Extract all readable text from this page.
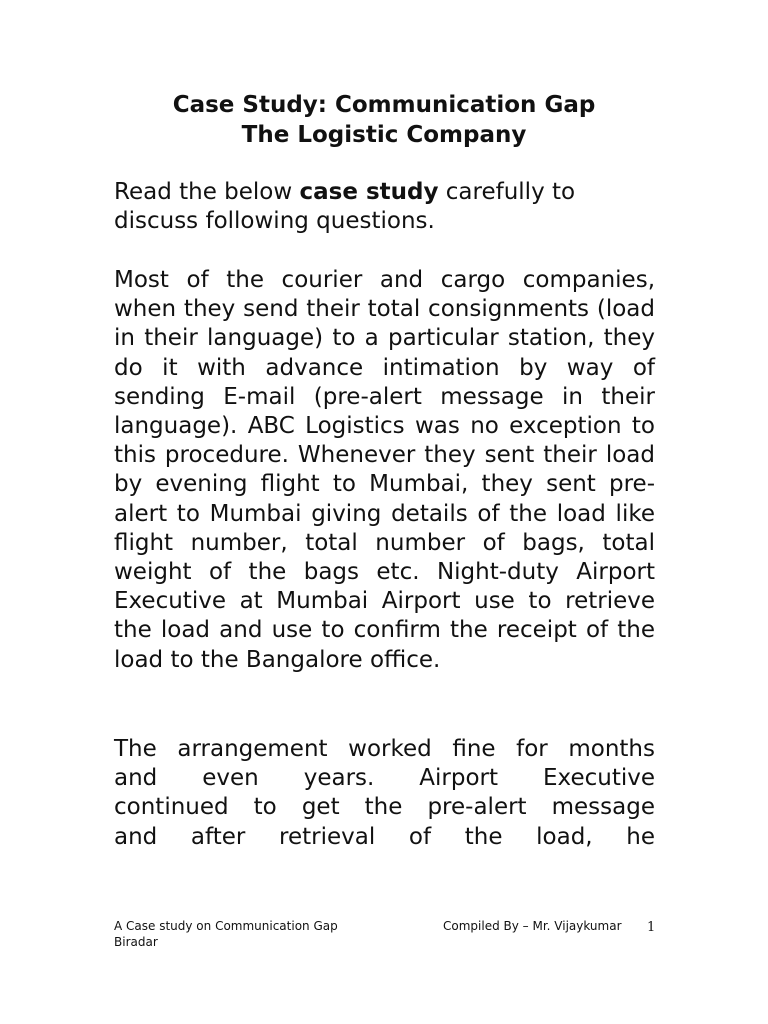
Case Study: Communication Gap
The Logistic Company

Read the below case study carefully to discuss following questions.

Most of the courier and cargo companies, when they send their total consignments (load in their language) to a particular station, they do it with advance intimation by way of sending E-mail (pre-alert message in their language). ABC Logistics was no exception to this procedure. Whenever they sent their load by evening flight to Mumbai, they sent pre-alert to Mumbai giving details of the load like flight number, total number of bags, total weight of the bags etc. Night-duty Airport Executive at Mumbai Airport use to retrieve the load and use to confirm the receipt of the load to the Bangalore office.

The arrangement worked fine for months
and even years. Airport Executive
continued to get the pre-alert message
and after retrieval of the load, he
A Case study on Communication Gap	Compiled By – Mr. Vijaykumar
Biradar
1
